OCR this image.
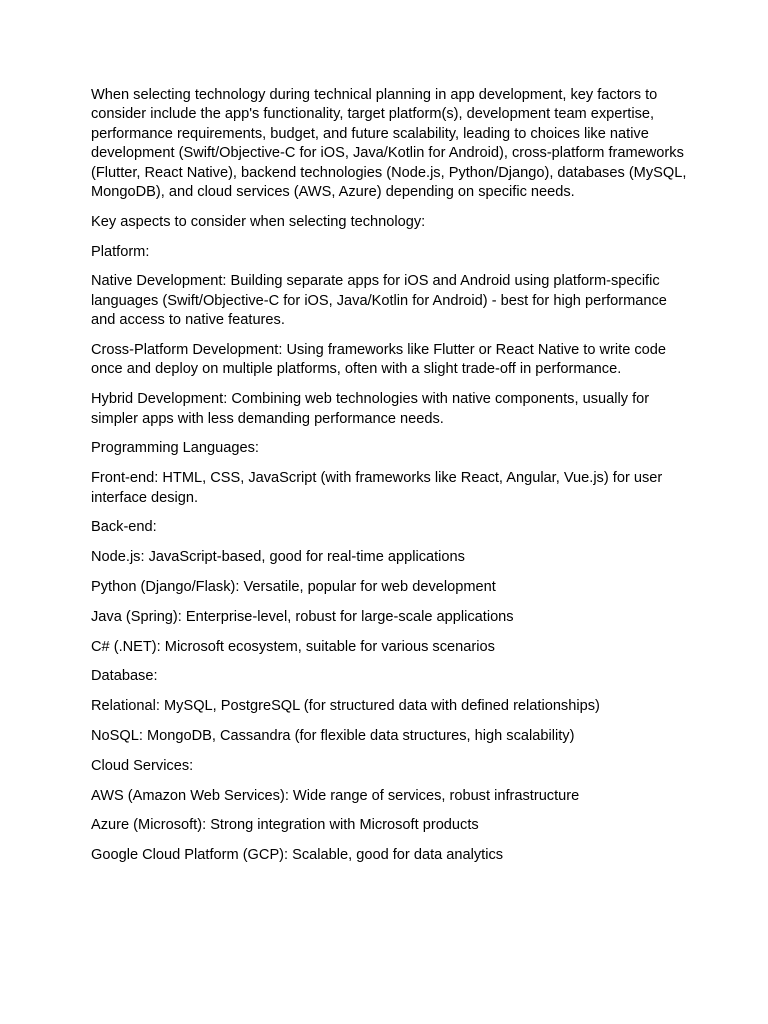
When selecting technology during technical planning in app development, key factors to consider include the app's functionality, target platform(s), development team expertise, performance requirements, budget, and future scalability, leading to choices like native development (Swift/Objective-C for iOS, Java/Kotlin for Android), cross-platform frameworks (Flutter, React Native), backend technologies (Node.js, Python/Django), databases (MySQL, MongoDB), and cloud services (AWS, Azure) depending on specific needs.

Key aspects to consider when selecting technology:

Platform:

Native Development: Building separate apps for iOS and Android using platform-specific languages (Swift/Objective-C for iOS, Java/Kotlin for Android) - best for high performance and access to native features.

Cross-Platform Development: Using frameworks like Flutter or React Native to write code once and deploy on multiple platforms, often with a slight trade-off in performance.

Hybrid Development: Combining web technologies with native components, usually for simpler apps with less demanding performance needs.

Programming Languages:

Front-end: HTML, CSS, JavaScript (with frameworks like React, Angular, Vue.js) for user interface design.

Back-end:

Node.js: JavaScript-based, good for real-time applications

Python (Django/Flask): Versatile, popular for web development

Java (Spring): Enterprise-level, robust for large-scale applications

C# (.NET): Microsoft ecosystem, suitable for various scenarios

Database:

Relational: MySQL, PostgreSQL (for structured data with defined relationships)

NoSQL: MongoDB, Cassandra (for flexible data structures, high scalability)

Cloud Services:

AWS (Amazon Web Services): Wide range of services, robust infrastructure

Azure (Microsoft): Strong integration with Microsoft products

Google Cloud Platform (GCP): Scalable, good for data analytics
